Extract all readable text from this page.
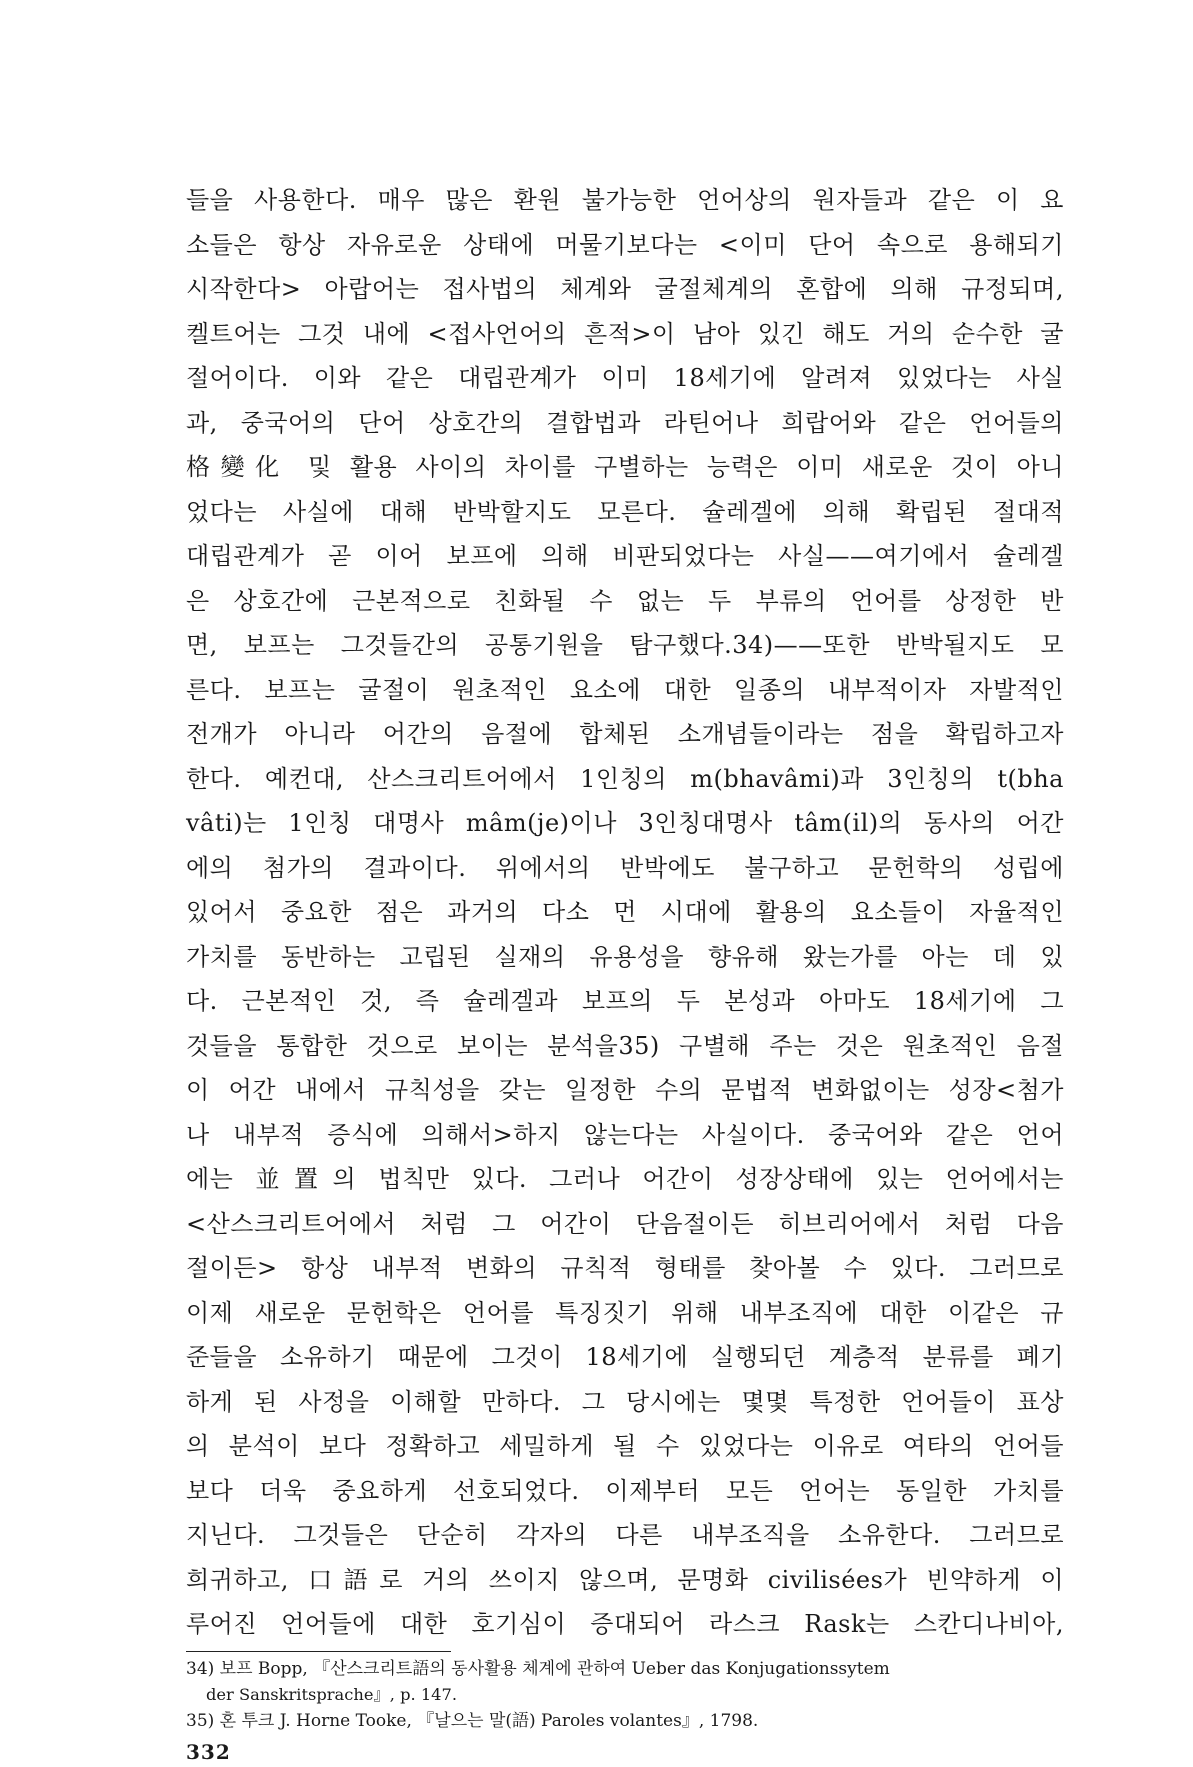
들을 사용한다. 매우 많은 환원 불가능한 언어상의 원자들과 같은 이 요
소들은 항상 자유로운 상태에 머물기보다는 <이미 단어 속으로 용해되기
시작한다> 아랍어는 접사법의 체계와 굴절체계의 혼합에 의해 규정되며,
켈트어는 그것 내에 <접사언어의 흔적>이 남아 있긴 해도 거의 순수한 굴
절어이다. 이와 같은 대립관계가 이미 18세기에 알려져 있었다는 사실
과, 중국어의 단어 상호간의 결합법과 라틴어나 희랍어와 같은 언어들의
格變化 및 활용 사이의 차이를 구별하는 능력은 이미 새로운 것이 아니
었다는 사실에 대해 반박할지도 모른다. 슐레겔에 의해 확립된 절대적
대립관계가 곧 이어 보프에 의해 비판되었다는 사실——여기에서 슐레겔
은 상호간에 근본적으로 친화될 수 없는 두 부류의 언어를 상정한 반
면, 보프는 그것들간의 공통기원을 탐구했다.34)——또한 반박될지도 모
른다. 보프는 굴절이 원초적인 요소에 대한 일종의 내부적이자 자발적인
전개가 아니라 어간의 음절에 합체된 소개념들이라는 점을 확립하고자
한다. 예컨대, 산스크리트어에서 1인칭의 m(bhavâmi)과 3인칭의 t(bha
vâti)는 1인칭 대명사 mâm(je)이나 3인칭대명사 tâm(il)의 동사의 어간
에의 첨가의 결과이다. 위에서의 반박에도 불구하고 문헌학의 성립에
있어서 중요한 점은 과거의 다소 먼 시대에 활용의 요소들이 자율적인
가치를 동반하는 고립된 실재의 유용성을 향유해 왔는가를 아는 데 있
다. 근본적인 것, 즉 슐레겔과 보프의 두 본성과 아마도 18세기에 그
것들을 통합한 것으로 보이는 분석을35) 구별해 주는 것은 원초적인 음절
이 어간 내에서 규칙성을 갖는 일정한 수의 문법적 변화없이는 성장<첨가
나 내부적 증식에 의해서>하지 않는다는 사실이다. 중국어와 같은 언어
에는 並置의 법칙만 있다. 그러나 어간이 성장상태에 있는 언어에서는
<산스크리트어에서 처럼 그 어간이 단음절이든 히브리어에서 처럼 다음
절이든> 항상 내부적 변화의 규칙적 형태를 찾아볼 수 있다. 그러므로
이제 새로운 문헌학은 언어를 특징짓기 위해 내부조직에 대한 이같은 규
준들을 소유하기 때문에 그것이 18세기에 실행되던 계층적 분류를 폐기
하게 된 사정을 이해할 만하다. 그 당시에는 몇몇 특정한 언어들이 표상
의 분석이 보다 정확하고 세밀하게 될 수 있었다는 이유로 여타의 언어들
보다 더욱 중요하게 선호되었다. 이제부터 모든 언어는 동일한 가치를
지닌다. 그것들은 단순히 각자의 다른 내부조직을 소유한다. 그러므로
희귀하고, 口語로 거의 쓰이지 않으며, 문명화 civilisées가 빈약하게 이
루어진 언어들에 대한 호기심이 증대되어 라스크 Rask는 스칸디나비아,
34) 보프 Bopp, 『산스크리트語의 동사활용 체계에 관하여 Ueber das Konjugationssytem
der Sanskritsprache』, p. 147.
35) 혼 투크 J. Horne Tooke, 『날으는 말(語) Paroles volantes』, 1798.
332
